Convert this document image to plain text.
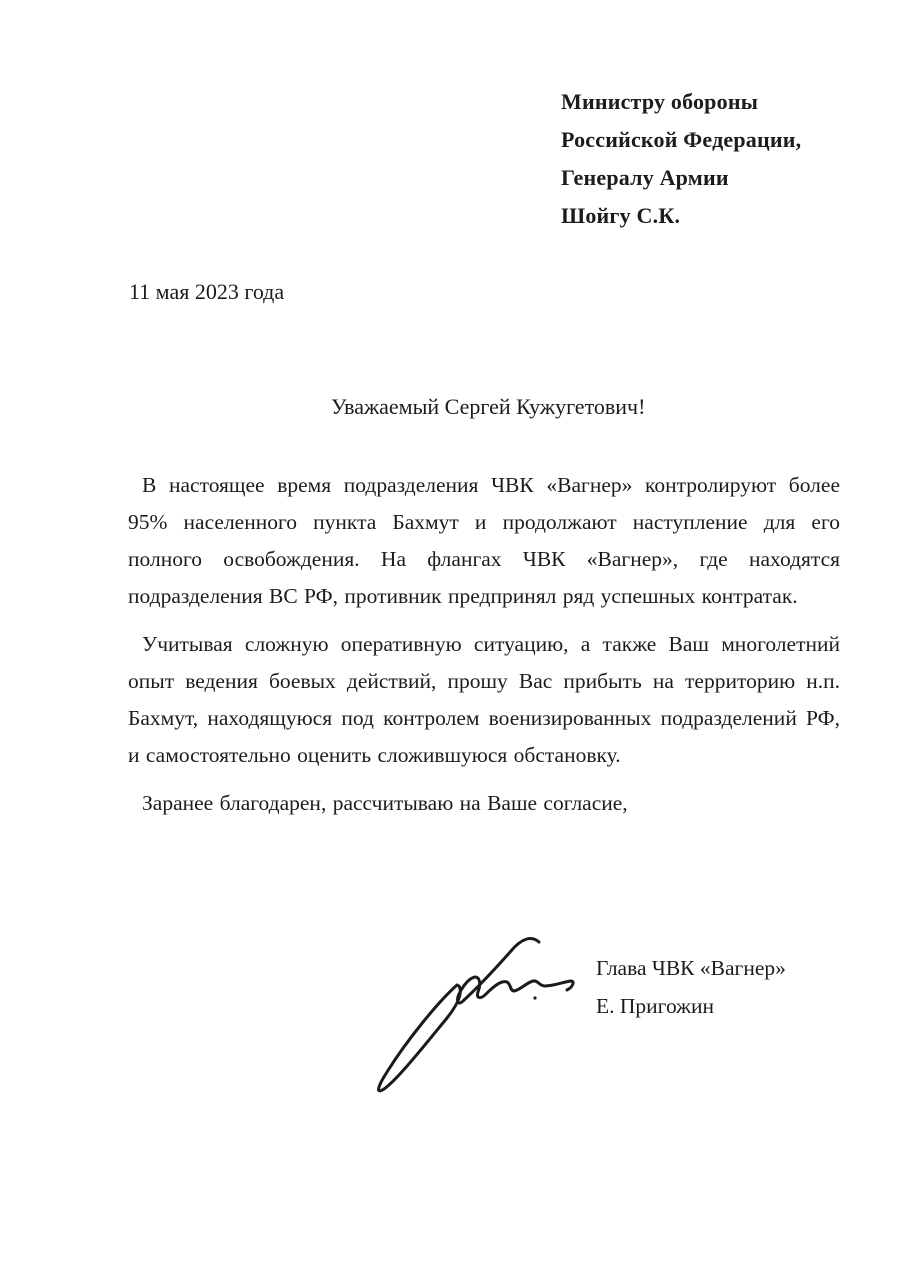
Министру обороны
Российской Федерации,
Генералу Армии
Шойгу С.К.
11 мая 2023 года
Уважаемый Сергей Кужугетович!

В настоящее время подразделения ЧВК «Вагнер» контролируют более 95% населенного пункта Бахмут и продолжают наступление для его полного освобождения. На флангах ЧВК «Вагнер», где находятся подразделения ВС РФ, противник предпринял ряд успешных контратак.

Учитывая сложную оперативную ситуацию, а также Ваш многолетний опыт ведения боевых действий, прошу Вас прибыть на территорию н.п. Бахмут, находящуюся под контролем военизированных подразделений РФ, и самостоятельно оценить сложившуюся обстановку.

Заранее благодарен, рассчитываю на Ваше согласие,

Глава ЧВК «Вагнер»
Е. Пригожин
